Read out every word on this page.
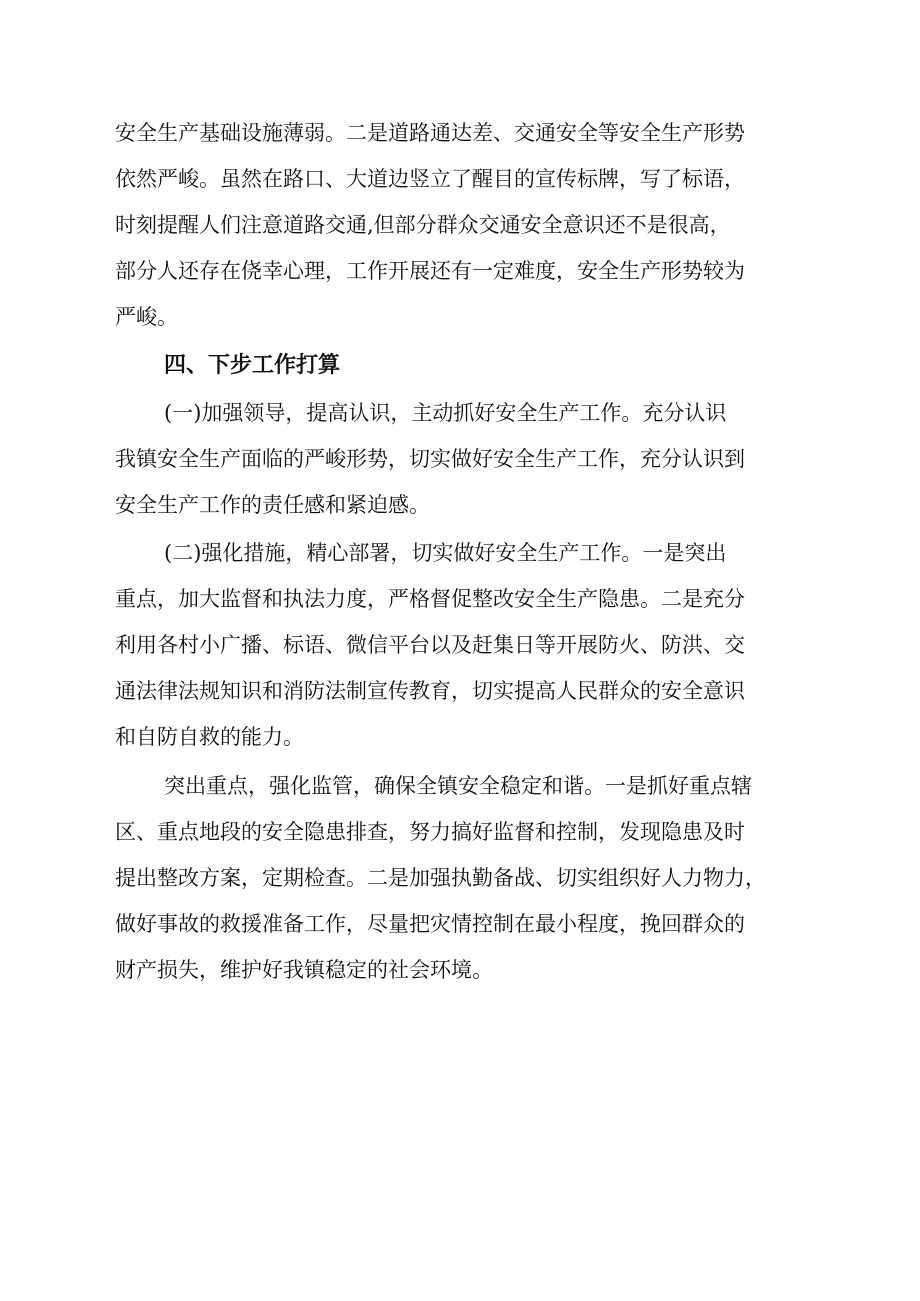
安全生产基础设施薄弱。二是道路通达差、交通安全等安全生产形势
依然严峻。虽然在路口、大道边竖立了醒目的宣传标牌，写了标语，
时刻提醒人们注意道路交通,但部分群众交通安全意识还不是很高，
部分人还存在侥幸心理，工作开展还有一定难度，安全生产形势较为
严峻。
四、下步工作打算
(一)加强领导，提高认识，主动抓好安全生产工作。充分认识
我镇安全生产面临的严峻形势，切实做好安全生产工作，充分认识到
安全生产工作的责任感和紧迫感。
(二)强化措施，精心部署，切实做好安全生产工作。一是突出
重点，加大监督和执法力度，严格督促整改安全生产隐患。二是充分
利用各村小广播、标语、微信平台以及赶集日等开展防火、防洪、交
通法律法规知识和消防法制宣传教育，切实提高人民群众的安全意识
和自防自救的能力。
突出重点，强化监管，确保全镇安全稳定和谐。一是抓好重点辖
区、重点地段的安全隐患排查，努力搞好监督和控制，发现隐患及时
提出整改方案，定期检查。二是加强执勤备战、切实组织好人力物力，
做好事故的救援准备工作，尽量把灾情控制在最小程度，挽回群众的
财产损失，维护好我镇稳定的社会环境。
